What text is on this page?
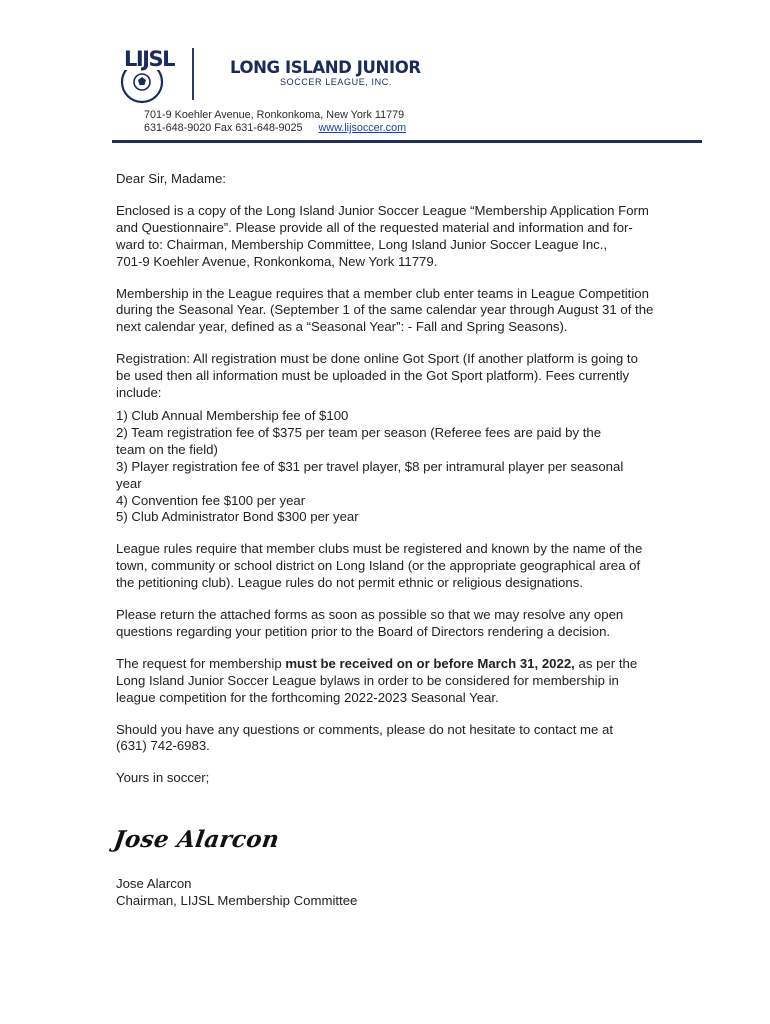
LIJSL	LONG ISLAND JUNIOR
SOCCER LEAGUE, INC.
701-9 Koehler Avenue, Ronkonkoma, New York 11779
631-648-9020 Fax 631-648-9025 www.lijsoccer.com

Dear Sir, Madame:

Enclosed is a copy of the Long Island Junior Soccer League “Membership Application Form
and Questionnaire”. Please provide all of the requested material and information and for-
ward to: Chairman, Membership Committee, Long Island Junior Soccer League Inc.,
701-9 Koehler Avenue, Ronkonkoma, New York 11779.

Membership in the League requires that a member club enter teams in League Competition
during the Seasonal Year. (September 1 of the same calendar year through August 31 of the
next calendar year, defined as a “Seasonal Year”: - Fall and Spring Seasons).

Registration: All registration must be done online Got Sport (If another platform is going to
be used then all information must be uploaded in the Got Sport platform). Fees currently
include:

1) Club Annual Membership fee of $100
2) Team registration fee of $375 per team per season (Referee fees are paid by the
team on the field)
3) Player registration fee of $31 per travel player, $8 per intramural player per seasonal
year
4) Convention fee $100 per year
5) Club Administrator Bond $300 per year

League rules require that member clubs must be registered and known by the name of the
town, community or school district on Long Island (or the appropriate geographical area of
the petitioning club). League rules do not permit ethnic or religious designations.

Please return the attached forms as soon as possible so that we may resolve any open
questions regarding your petition prior to the Board of Directors rendering a decision.

The request for membership must be received on or before March 31, 2022, as per the
Long Island Junior Soccer League bylaws in order to be considered for membership in
league competition for the forthcoming 2022-2023 Seasonal Year.

Should you have any questions or comments, please do not hesitate to contact me at
(631) 742-6983.

Yours in soccer;

Jose Alarcon
Jose Alarcon
Chairman, LIJSL Membership Committee
